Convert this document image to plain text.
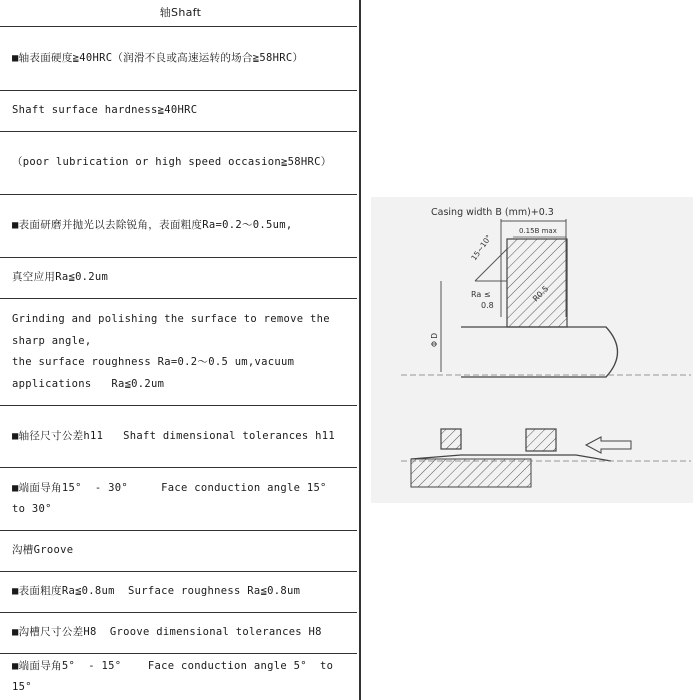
轴Shaft
■轴表面硬度≧40HRC（润滑不良或高速运转的场合≧58HRC）
Shaft surface hardness≧40HRC
（poor lubrication or high speed occasion≧58HRC）
■表面研磨并抛光以去除锐角，表面粗度Ra=0.2～0.5um,
真空应用Ra≦0.2um
Grinding and polishing the surface to remove the sharp angle,
the surface roughness Ra=0.2～0.5 um,vacuum applications   Ra≦0.2um
■轴径尺寸公差h11   Shaft dimensional tolerances h11
■端面导角15°  - 30°     Face conduction angle 15°  to 30°
沟槽Groove
■表面粗度Ra≦0.8um  Surface roughness Ra≦0.8um
■沟槽尺寸公差H8  Groove dimensional tolerances H8
■端面导角5°  - 15°    Face conduction angle 5°  to 15°
Casing width B (mm)+0.3
0.15B max
15~10°
Ra ≤
0.8
R0.5
Φ D
